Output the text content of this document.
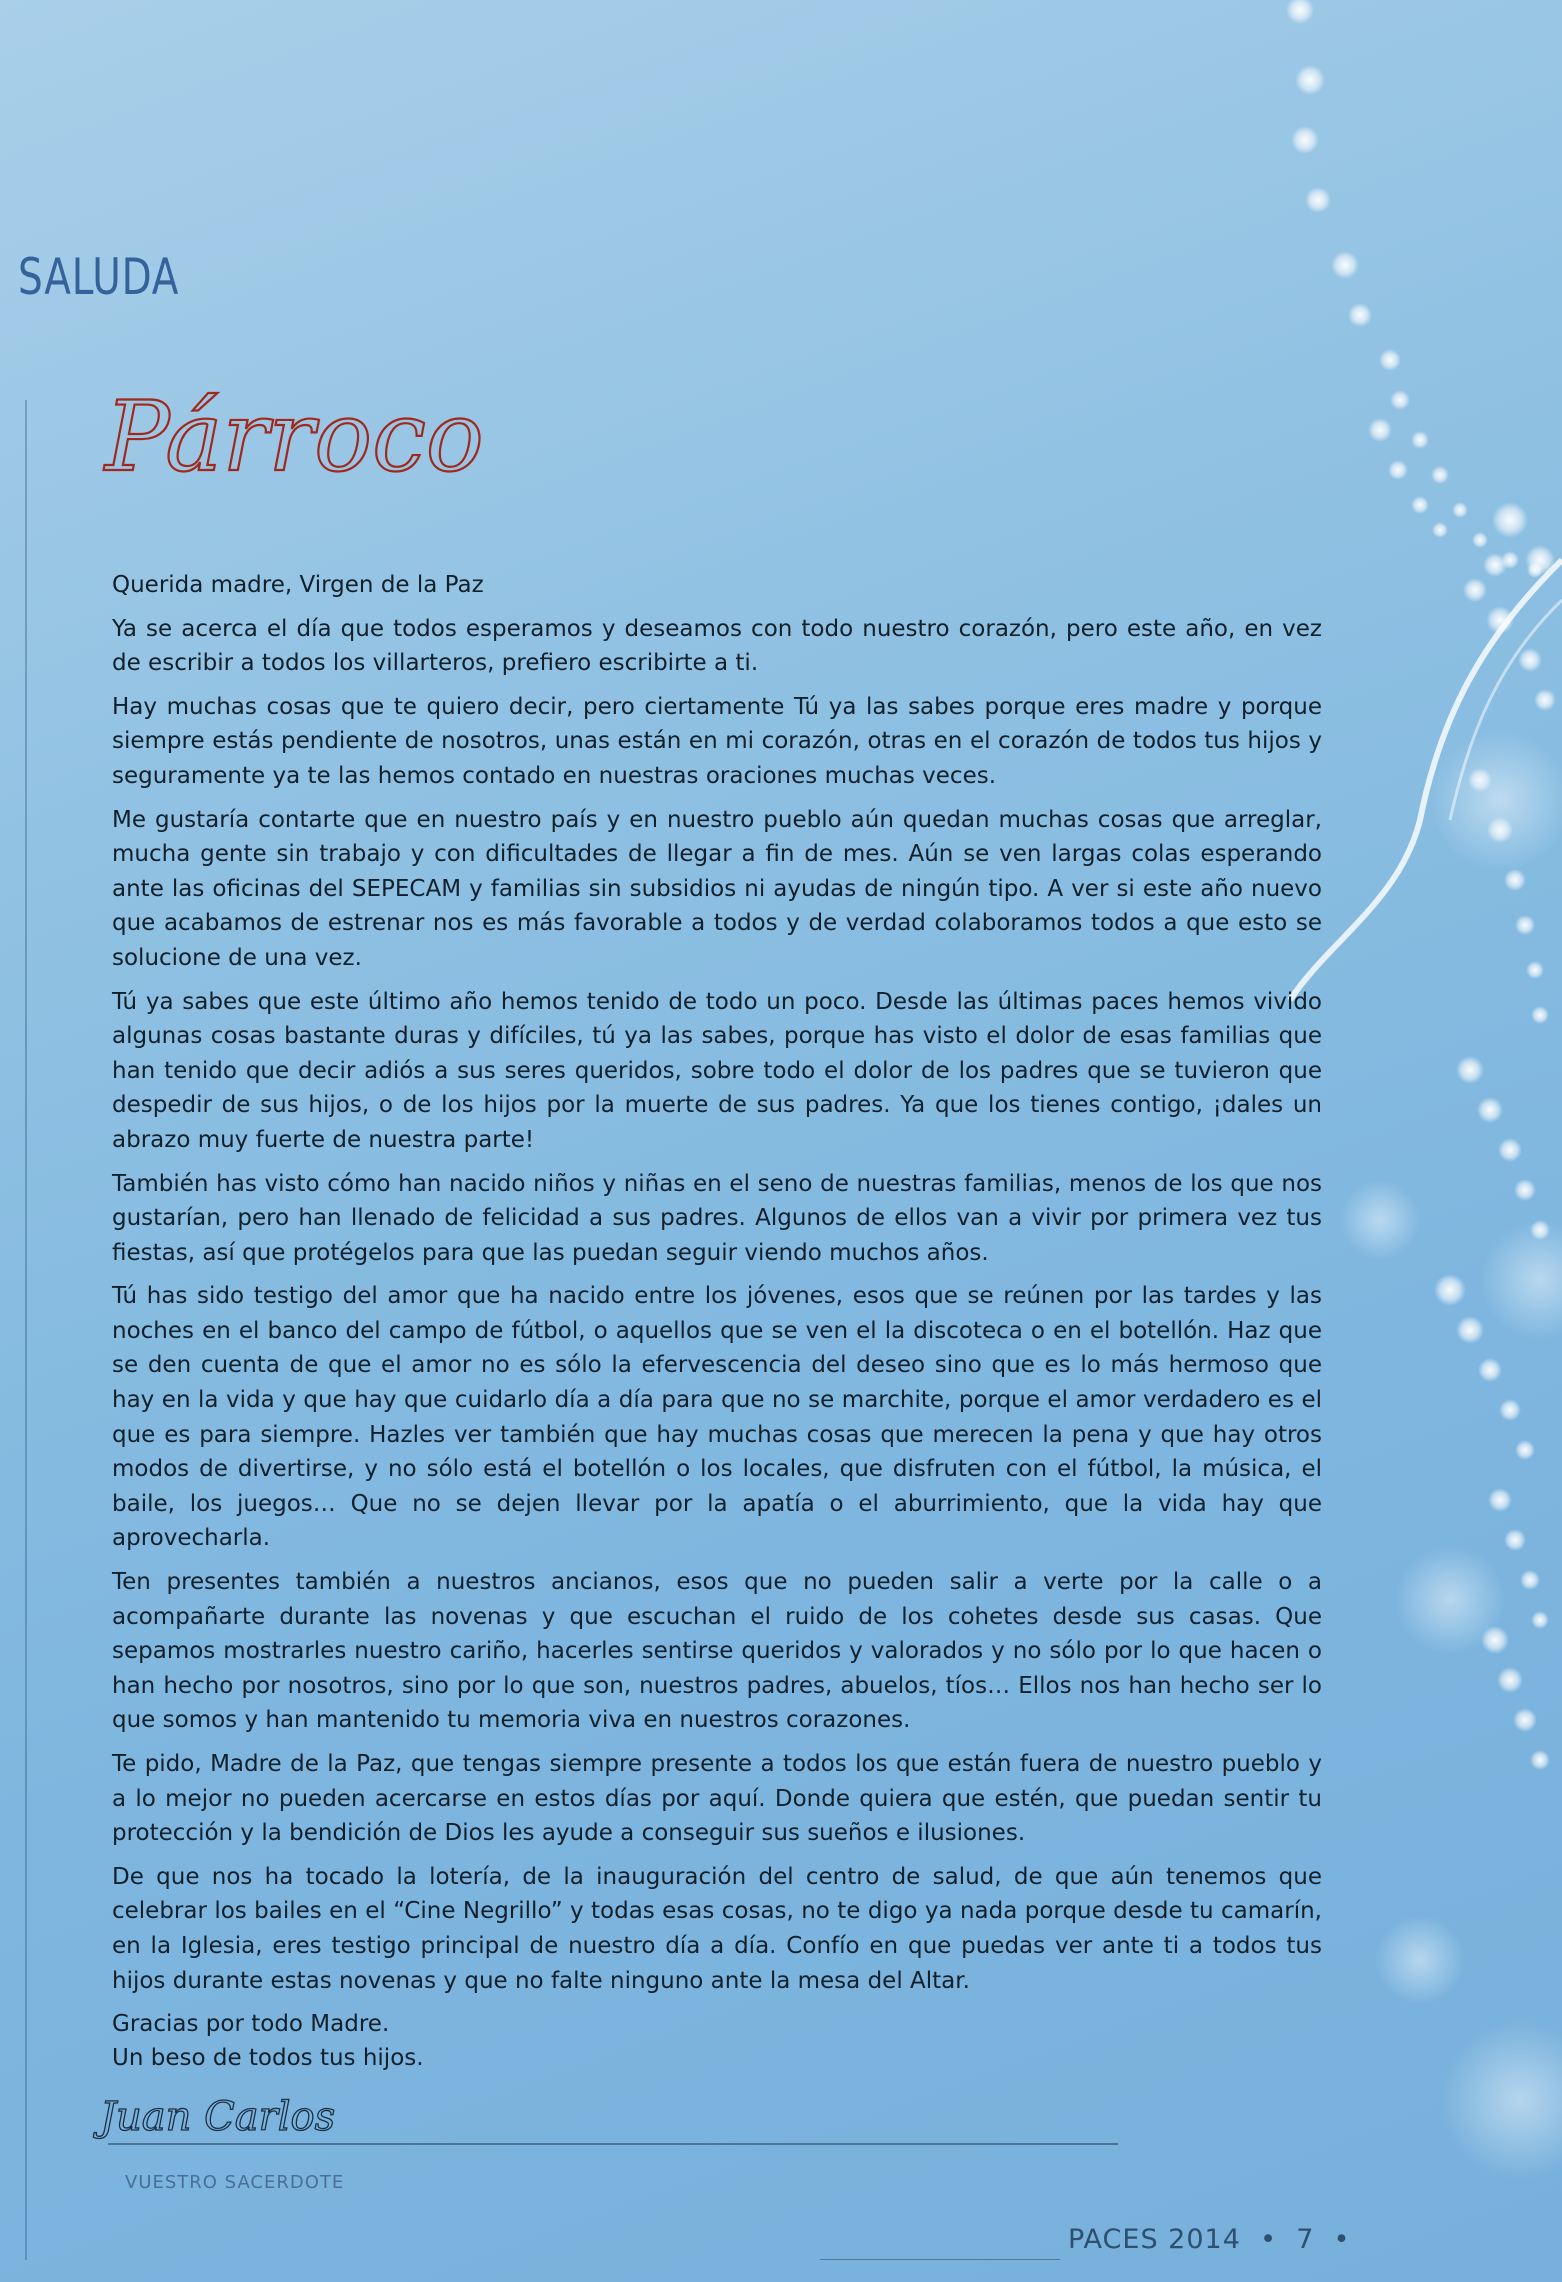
SALUDA
Párroco

Querida madre, Virgen de la Paz

Ya se acerca el día que todos esperamos y deseamos con todo nuestro corazón, pero este año, en vez de escribir a todos los villarteros, prefiero escribirte a ti.

Hay muchas cosas que te quiero decir, pero ciertamente Tú ya las sabes porque eres madre y porque siempre estás pendiente de nosotros, unas están en mi corazón, otras en el corazón de todos tus hijos y seguramente ya te las hemos contado en nuestras oraciones muchas veces.

Me gustaría contarte que en nuestro país y en nuestro pueblo aún quedan muchas cosas que arreglar, mucha gente sin trabajo y con dificultades de llegar a fin de mes. Aún se ven largas colas esperando ante las oficinas del SEPECAM y familias sin subsidios ni ayudas de ningún tipo. A ver si este año nuevo que acabamos de estrenar nos es más favorable a todos y de verdad colaboramos todos a que esto se solucione de una vez.

Tú ya sabes que este último año hemos tenido de todo un poco. Desde las últimas paces hemos vivido algunas cosas bastante duras y difíciles, tú ya las sabes, porque has visto el dolor de esas familias que han tenido que decir adiós a sus seres queridos, sobre todo el dolor de los padres que se tuvieron que despedir de sus hijos, o de los hijos por la muerte de sus padres. Ya que los tienes contigo, ¡dales un abrazo muy fuerte de nuestra parte!

También has visto cómo han nacido niños y niñas en el seno de nuestras familias, menos de los que nos gustarían, pero han llenado de felicidad a sus padres. Algunos de ellos van a vivir por primera vez tus fiestas, así que protégelos para que las puedan seguir viendo muchos años.

Tú has sido testigo del amor que ha nacido entre los jóvenes, esos que se reúnen por las tardes y las noches en el banco del campo de fútbol, o aquellos que se ven el la discoteca o en el botellón. Haz que se den cuenta de que el amor no es sólo la efervescencia del deseo sino que es lo más hermoso que hay en la vida y que hay que cuidarlo día a día para que no se marchite, porque el amor verdadero es el que es para siempre. Hazles ver también que hay muchas cosas que merecen la pena y que hay otros modos de divertirse, y no sólo está el botellón o los locales, que disfruten con el fútbol, la música, el baile, los juegos… Que no se dejen llevar por la apatía o el aburrimiento, que la vida hay que aprovecharla.

Ten presentes también a nuestros ancianos, esos que no pueden salir a verte por la calle o a acompañarte durante las novenas y que escuchan el ruido de los cohetes desde sus casas. Que sepamos mostrarles nuestro cariño, hacerles sentirse queridos y valorados y no sólo por lo que hacen o han hecho por nosotros, sino por lo que son, nuestros padres, abuelos, tíos… Ellos nos han hecho ser lo que somos y han mantenido tu memoria viva en nuestros corazones.

Te pido, Madre de la Paz, que tengas siempre presente a todos los que están fuera de nuestro pueblo y a lo mejor no pueden acercarse en estos días por aquí. Donde quiera que estén, que puedan sentir tu protección y la bendición de Dios les ayude a conseguir sus sueños e ilusiones.

De que nos ha tocado la lotería, de la inauguración del centro de salud, de que aún tenemos que celebrar los bailes en el “Cine Negrillo” y todas esas cosas, no te digo ya nada porque desde tu camarín, en la Iglesia, eres testigo principal de nuestro día a día. Confío en que puedas ver ante ti a todos tus hijos durante estas novenas y que no falte ninguno ante la mesa del Altar.

Gracias por todo Madre.
Un beso de todos tus hijos.
Juan Carlos
VUESTRO SACERDOTE
PACES 2014  •  7  •
